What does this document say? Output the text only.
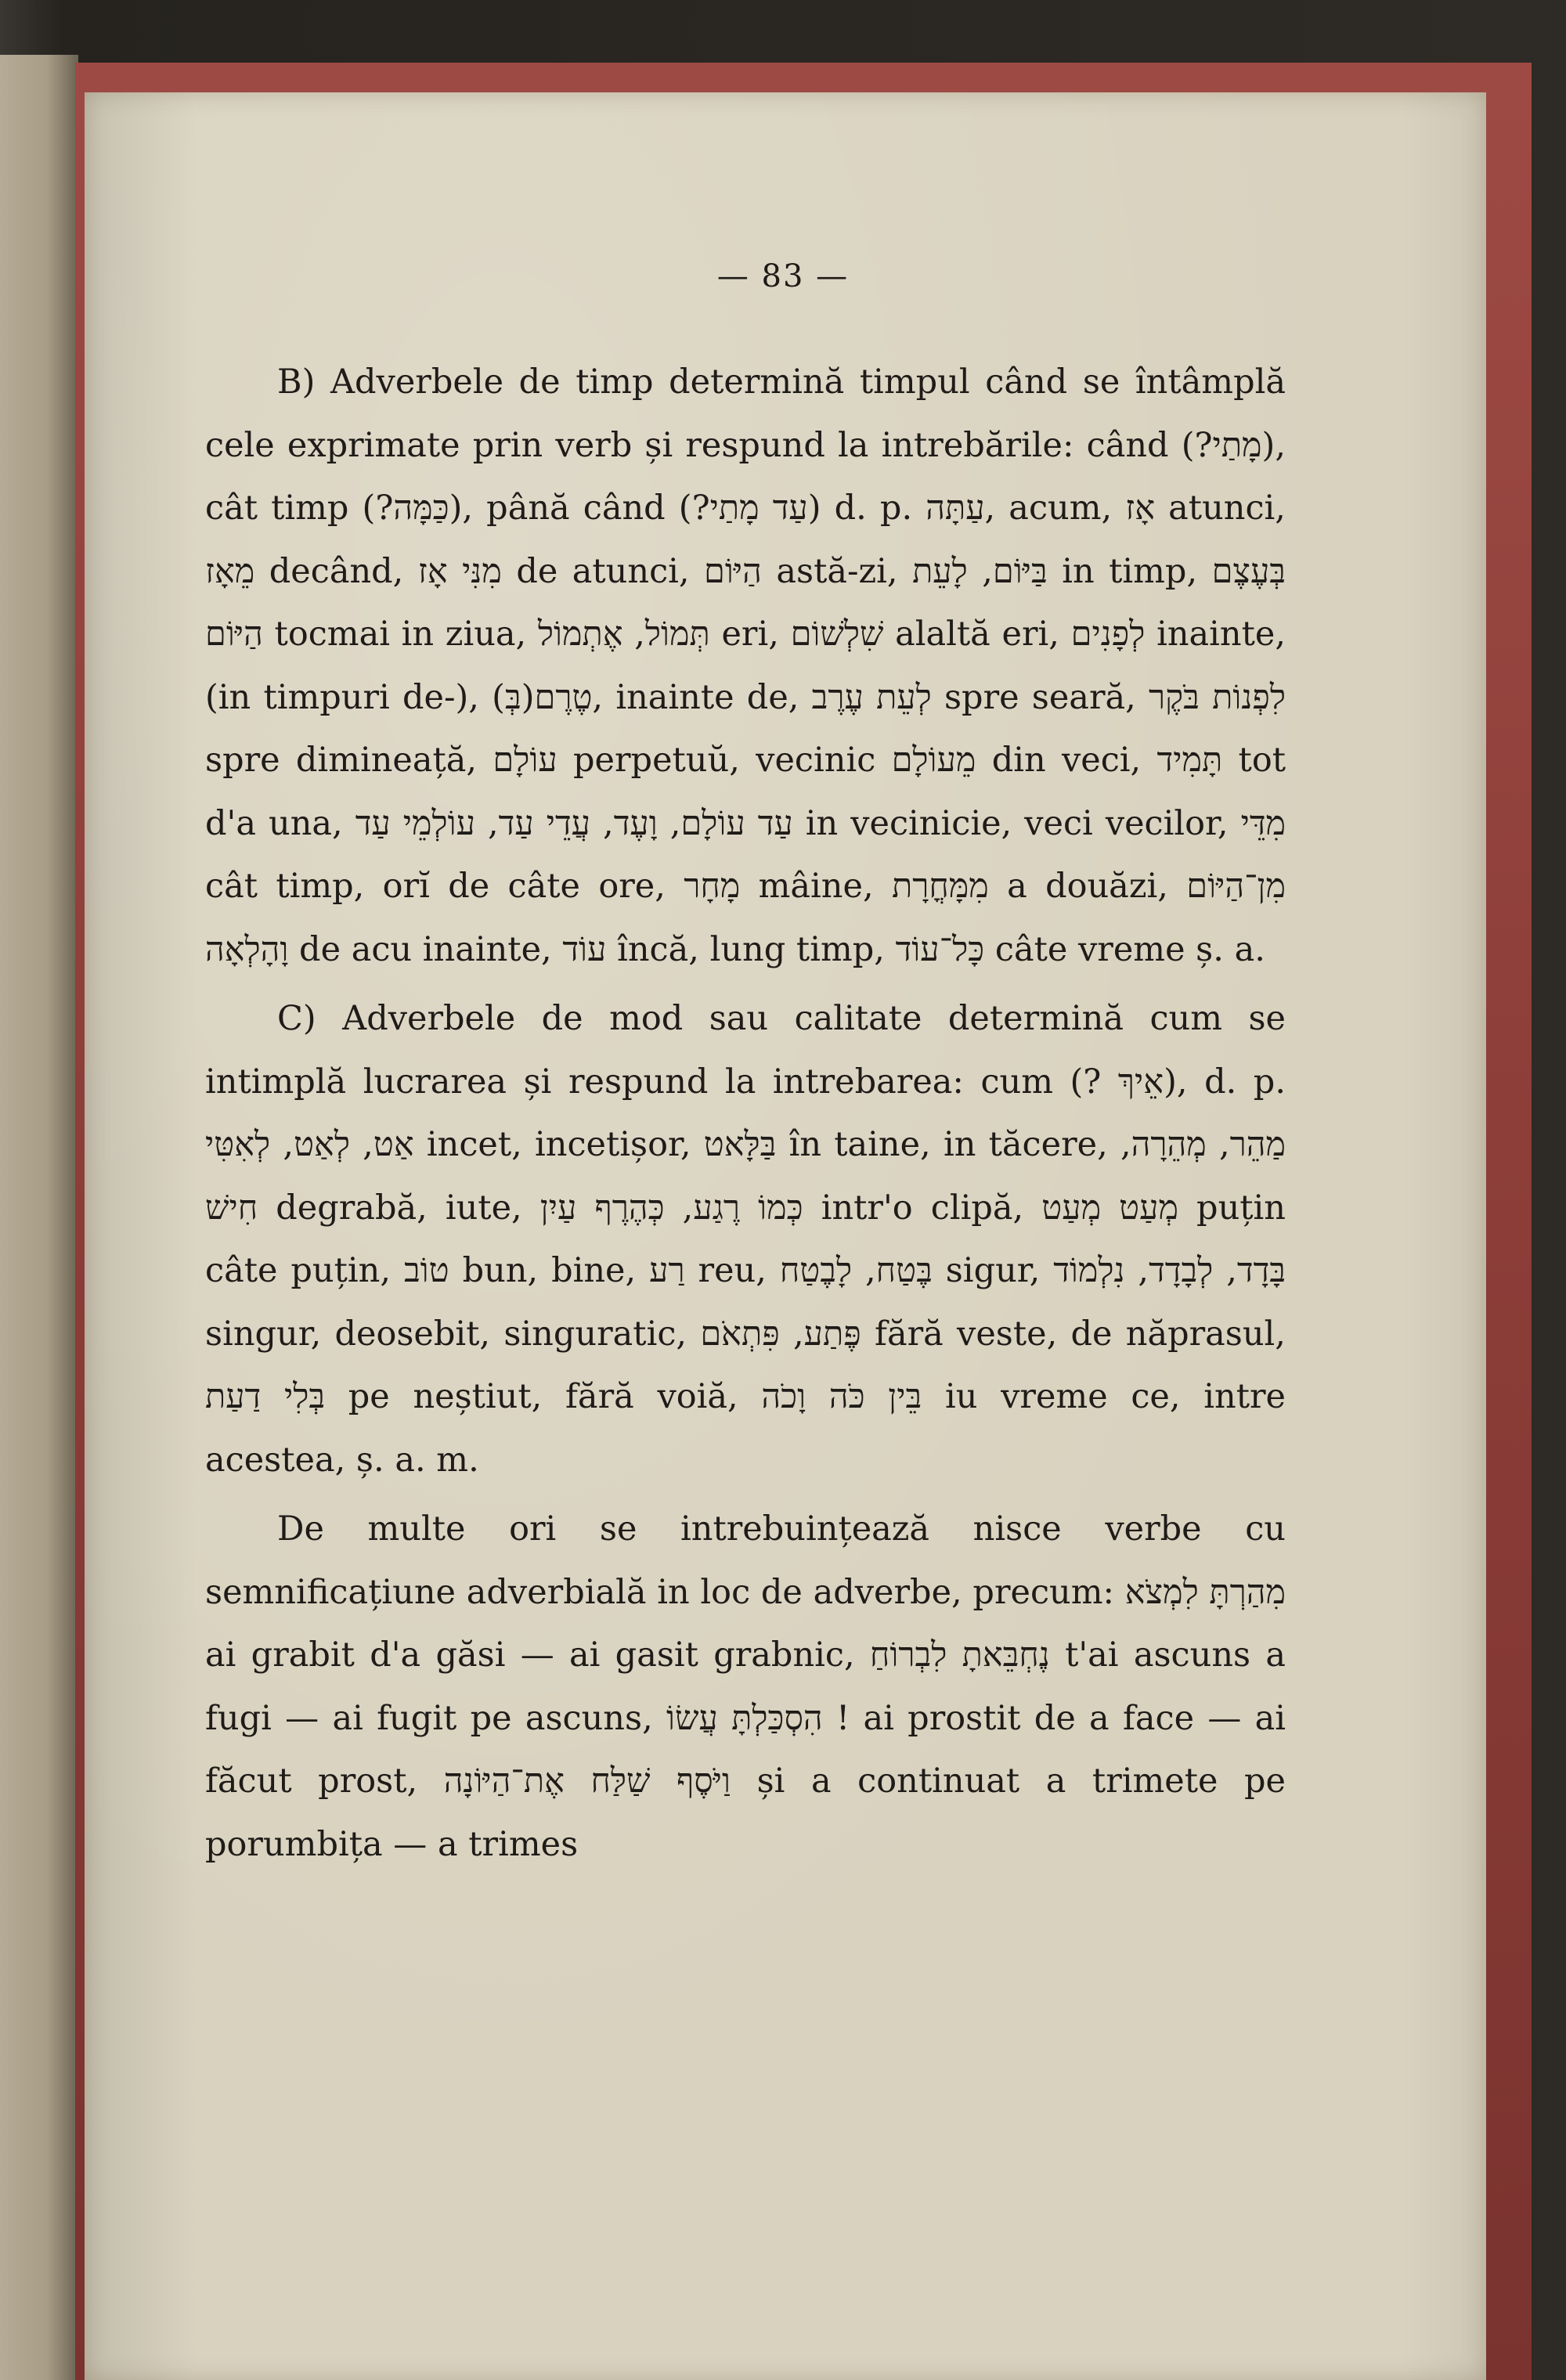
— 83 —

B) Adverbele de timp determină timpul când se întâmplă cele exprimate prin verb și respund la intrebările: când (?מָתַי), cât timp (?כַּמָּה), până când (?עַד מָתַי) d. p. עַתָּה, acum, אָז atunci, מֵאָז decând, מִנִּי אָז de atunci, הַיּוֹם astă-zi, בַּיּוֹם, לָעֵת in timp, בְּעֶצֶם הַיּוֹם tocmai in ziua, תְּמוֹל, אֶתְמוֹל eri, שִׁלְשׁוֹם alaltă eri, לְפָנִים inainte, (in timpuri de-), (בְּ)טֶרֶם, inainte de, לְעֵת עֶרֶב spre seară, לִפְנוֹת בֹּקֶר spre dimineață, עוֹלָם perpetuŭ, vecinic מֵעוֹלָם din veci, תָּמִיד tot d'a una, עַד עוֹלָם, וָעֶד, עֲדֵי עַד, עוֹלְמֵי עַד in vecinicie, veci vecilor, מִדֵּי cât timp, orĭ de câte ore, מָחָר mâine, מִמָּחֳרָת a douăzi, מִן־הַיּוֹם וָהָלְאָה de acu inainte, עוֹד încă, lung timp, כָּל־עוֹד câte vreme ș. a.

C) Adverbele de mod sau calitate determină cum se intimplă lucrarea și respund la intrebarea: cum (? אֵיךְ), d. p. אַט, לְאַט, לְאִטִּי incet, incetișor, בַּלָּאט în taine, in tăcere, מַהֵר, מְהֵרָה, חִישׁ degrabă, iute, כְּמוֹ רֶגַע, כְּהֶרֶף עַיִן intr'o clipă, מְעַט מְעַט puțin câte puțin, טוֹב bun, bine, רַע reu, בֶּטַח, לָבֶטַח sigur, בָּדָד, לְבָדָד, נִלְמוֹד singur, deosebit, singuratic, פֶּתַע, פִּתְאֹם fără veste, de năprasul, בְּלִי דַעַת pe neștiut, fără voiă, בֵּין כֹּה וָכֹה iu vreme ce, intre acestea, ș. a. m.

De multe ori se intrebuințează nisce verbe cu semnificațiune adverbială in loc de adverbe, precum: מִהַרְתָּ לִמְצֹא ai grabit d'a găsi — ai gasit grabnic, נֶחְבֵּאתָ לִבְרוֹחַ t'ai ascuns a fugi — ai fugit pe ascuns, הִסְכַּלְתָּ עֲשׂוֹ ! ai prostit de a face — ai făcut prost, וַיֹּסֶף שַׁלַּח אֶת־הַיּוֹנָה și a continuat a trimete pe porumbița — a trimes
